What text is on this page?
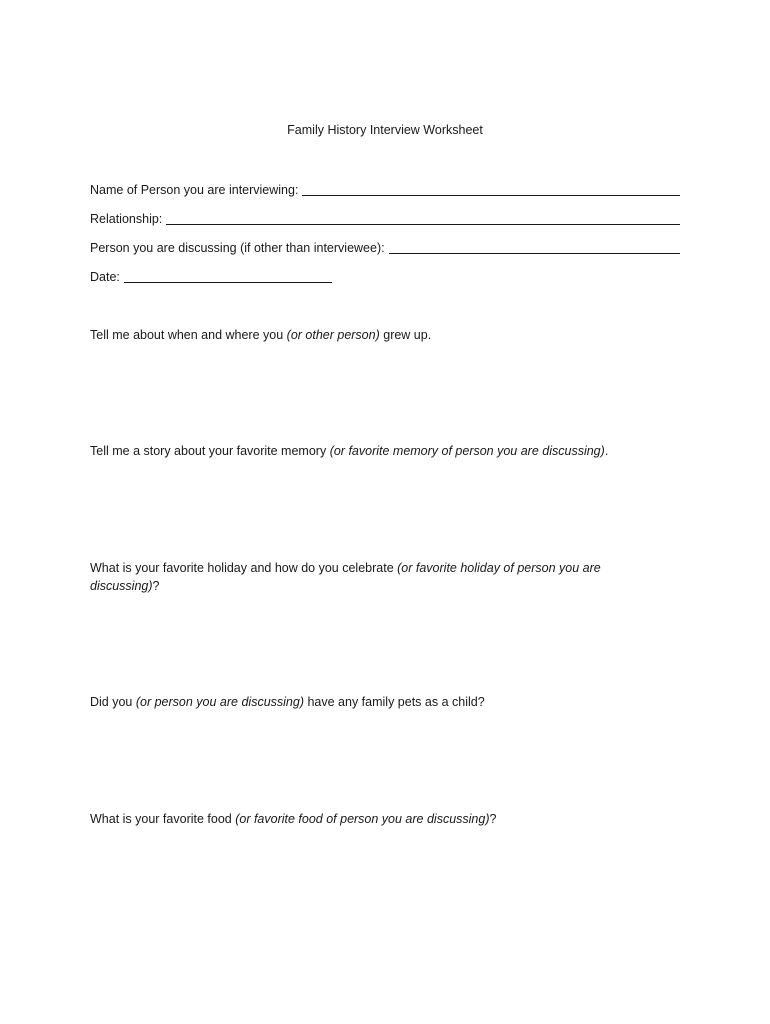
Family History Interview Worksheet
Name of Person you are interviewing:
Relationship:
Person you are discussing (if other than interviewee):
Date:
Tell me about when and where you (or other person) grew up.
Tell me a story about your favorite memory (or favorite memory of person you are discussing).
What is your favorite holiday and how do you celebrate (or favorite holiday of person you are discussing)?
Did you (or person you are discussing) have any family pets as a child?
What is your favorite food (or favorite food of person you are discussing)?
